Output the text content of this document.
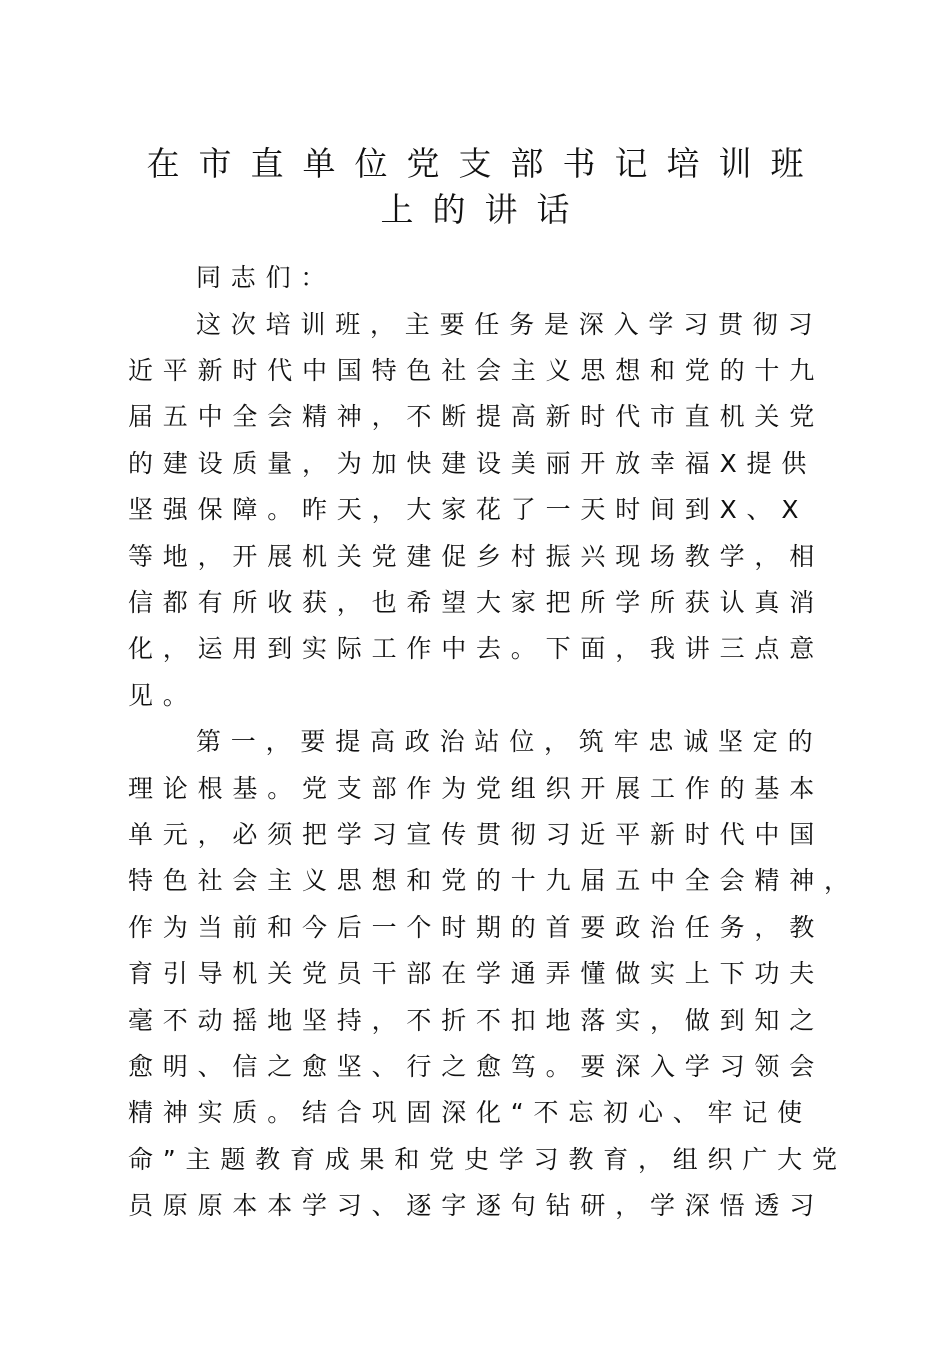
在市直单位党支部书记培训班
上的讲话
同志们：
这次培训班，主要任务是深入学习贯彻习
近平新时代中国特色社会主义思想和党的十九
届五中全会精神，不断提高新时代市直机关党
的建设质量，为加快建设美丽开放幸福X提供
坚强保障。昨天，大家花了一天时间到X、X
等地，开展机关党建促乡村振兴现场教学，相
信都有所收获，也希望大家把所学所获认真消
化，运用到实际工作中去。下面，我讲三点意
见。
第一，要提高政治站位，筑牢忠诚坚定的
理论根基。党支部作为党组织开展工作的基本
单元，必须把学习宣传贯彻习近平新时代中国
特色社会主义思想和党的十九届五中全会精神，
作为当前和今后一个时期的首要政治任务，教
育引导机关党员干部在学通弄懂做实上下功夫
毫不动摇地坚持，不折不扣地落实，做到知之
愈明、信之愈坚、行之愈笃。要深入学习领会
精神实质。结合巩固深化“不忘初心、牢记使
命”主题教育成果和党史学习教育，组织广大党
员原原本本学习、逐字逐句钻研，学深悟透习
